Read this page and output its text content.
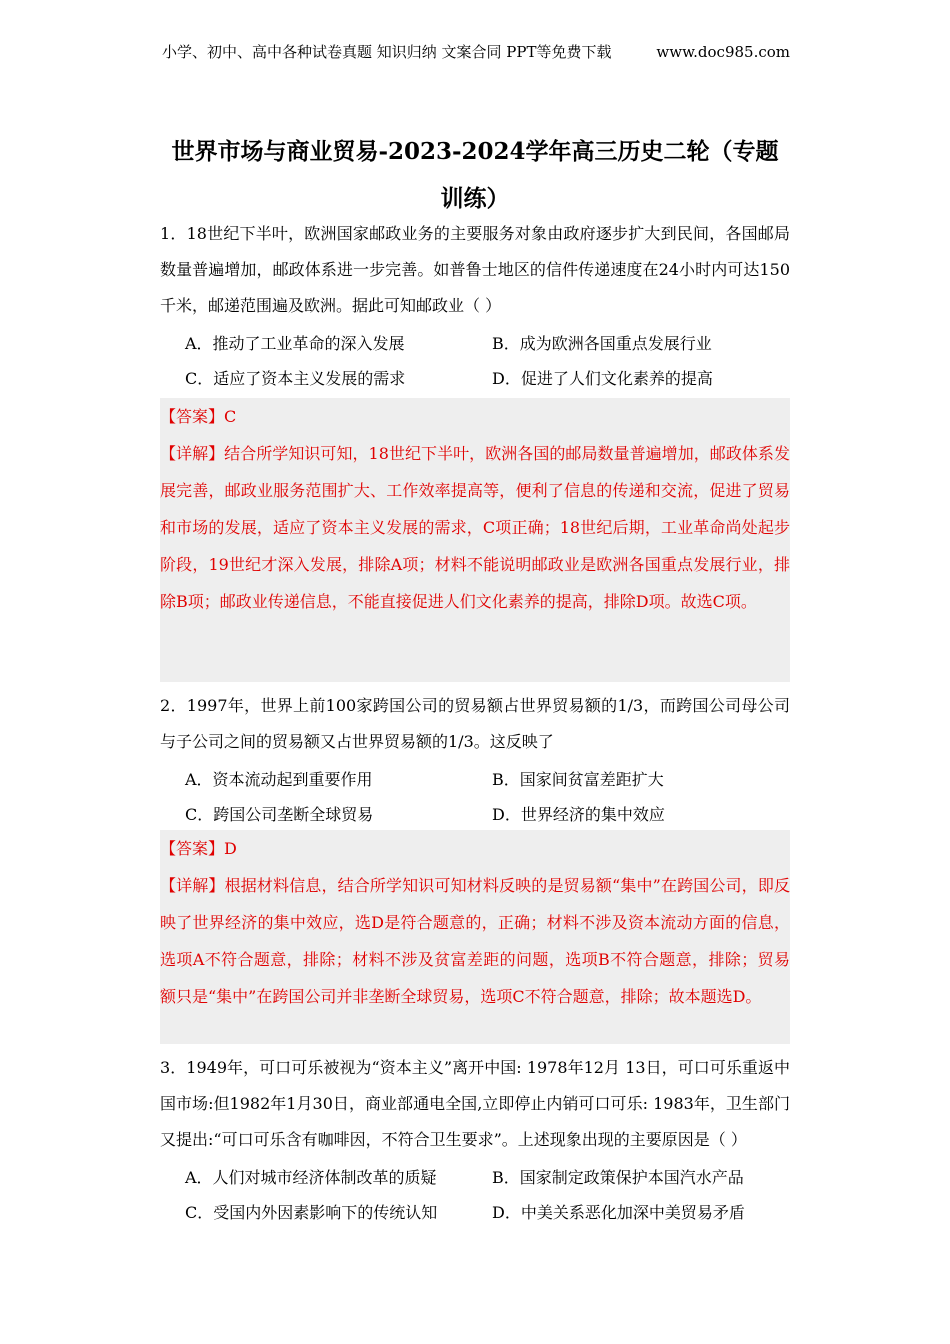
小学、初中、高中各种试卷真题 知识归纳 文案合同 PPT等免费下载	www.doc985.com
世界市场与商业贸易-2023-2024学年高三历史二轮（专题训练）

1．18世纪下半叶，欧洲国家邮政业务的主要服务对象由政府逐步扩大到民间，各国邮局数量普遍增加，邮政体系进一步完善。如普鲁士地区的信件传递速度在24小时内可达150千米，邮递范围遍及欧洲。据此可知邮政业（ ）

A．推动了工业革命的深入发展	B．成为欧洲各国重点发展行业
C．适应了资本主义发展的需求	D．促进了人们文化素养的提高

【答案】C

【详解】结合所学知识可知，18世纪下半叶，欧洲各国的邮局数量普遍增加，邮政体系发展完善，邮政业服务范围扩大、工作效率提高等，便利了信息的传递和交流，促进了贸易和市场的发展，适应了资本主义发展的需求，C项正确；18世纪后期，工业革命尚处起步阶段，19世纪才深入发展，排除A项；材料不能说明邮政业是欧洲各国重点发展行业，排除B项；邮政业传递信息，不能直接促进人们文化素养的提高，排除D项。故选C项。

2．1997年，世界上前100家跨国公司的贸易额占世界贸易额的1/3，而跨国公司母公司与子公司之间的贸易额又占世界贸易额的1/3。这反映了

A．资本流动起到重要作用	B．国家间贫富差距扩大
C．跨国公司垄断全球贸易	D．世界经济的集中效应

【答案】D

【详解】根据材料信息，结合所学知识可知材料反映的是贸易额“集中”在跨国公司，即反映了世界经济的集中效应，选D是符合题意的，正确；材料不涉及资本流动方面的信息，选项A不符合题意，排除；材料不涉及贫富差距的问题，选项B不符合题意，排除；贸易额只是“集中”在跨国公司并非垄断全球贸易，选项C不符合题意，排除；故本题选D。

3．1949年，可口可乐被视为“资本主义”离开中国: 1978年12月 13日，可口可乐重返中国市场:但1982年1月30日，商业部通电全国,立即停止内销可口可乐: 1983年，卫生部门又提出:“可口可乐含有咖啡因，不符合卫生要求”。上述现象出现的主要原因是（ ）

A．人们对城市经济体制改革的质疑	B．国家制定政策保护本国汽水产品
C．受国内外因素影响下的传统认知	D．中美关系恶化加深中美贸易矛盾
